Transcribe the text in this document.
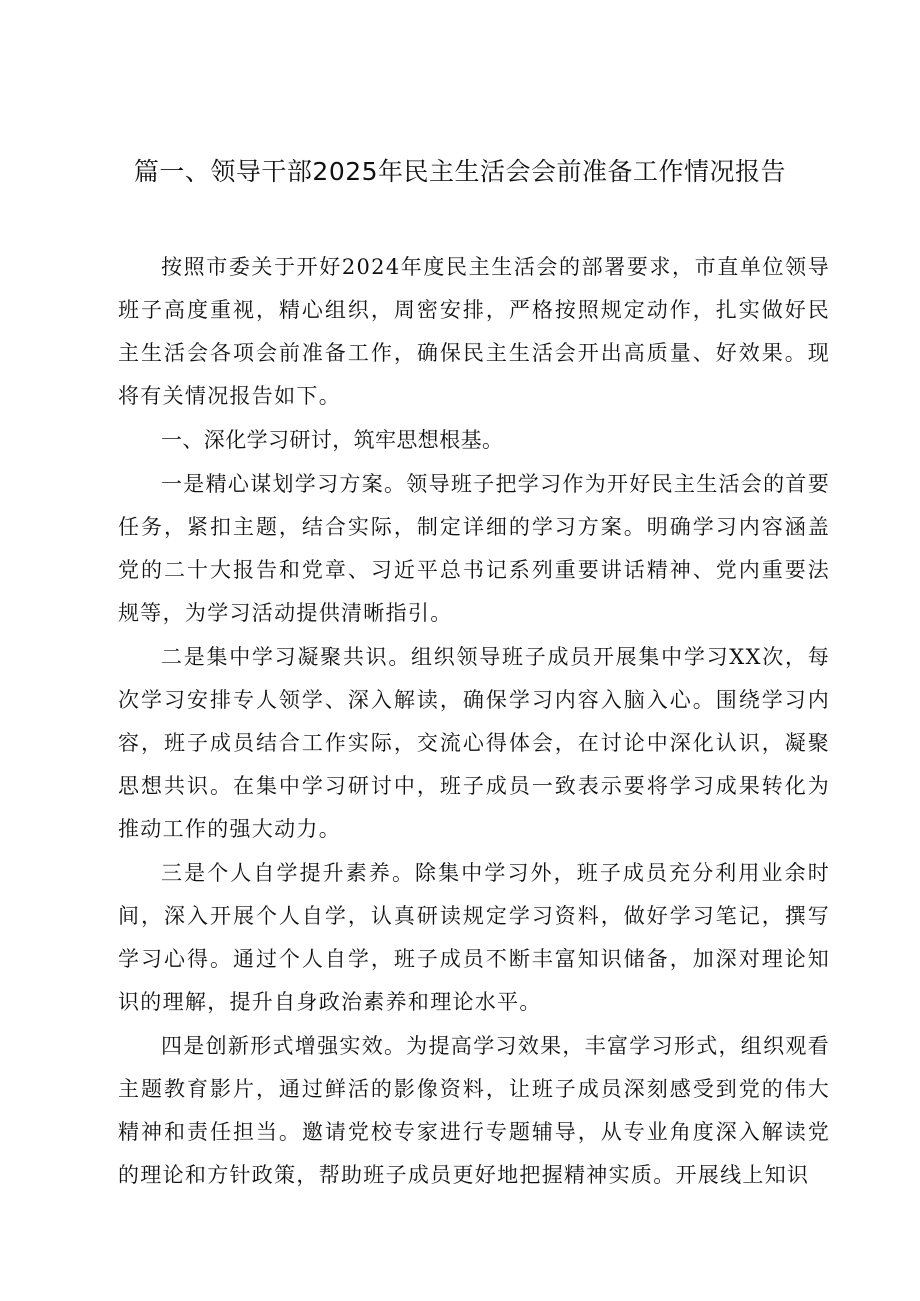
篇一、领导干部2025年民主生活会会前准备工作情况报告

按照市委关于开好2024年度民主生活会的部署要求，市直单位领导班子高度重视，精心组织，周密安排，严格按照规定动作，扎实做好民主生活会各项会前准备工作，确保民主生活会开出高质量、好效果。现将有关情况报告如下。

一、深化学习研讨，筑牢思想根基。

一是精心谋划学习方案。领导班子把学习作为开好民主生活会的首要任务，紧扣主题，结合实际，制定详细的学习方案。明确学习内容涵盖党的二十大报告和党章、习近平总书记系列重要讲话精神、党内重要法规等，为学习活动提供清晰指引。

二是集中学习凝聚共识。组织领导班子成员开展集中学习XX次，每次学习安排专人领学、深入解读，确保学习内容入脑入心。围绕学习内容，班子成员结合工作实际，交流心得体会，在讨论中深化认识，凝聚思想共识。在集中学习研讨中，班子成员一致表示要将学习成果转化为推动工作的强大动力。

三是个人自学提升素养。除集中学习外，班子成员充分利用业余时间，深入开展个人自学，认真研读规定学习资料，做好学习笔记，撰写学习心得。通过个人自学，班子成员不断丰富知识储备，加深对理论知识的理解，提升自身政治素养和理论水平。

四是创新形式增强实效。为提高学习效果，丰富学习形式，组织观看主题教育影片，通过鲜活的影像资料，让班子成员深刻感受到党的伟大精神和责任担当。邀请党校专家进行专题辅导，从专业角度深入解读党的理论和方针政策，帮助班子成员更好地把握精神实质。开展线上知识
